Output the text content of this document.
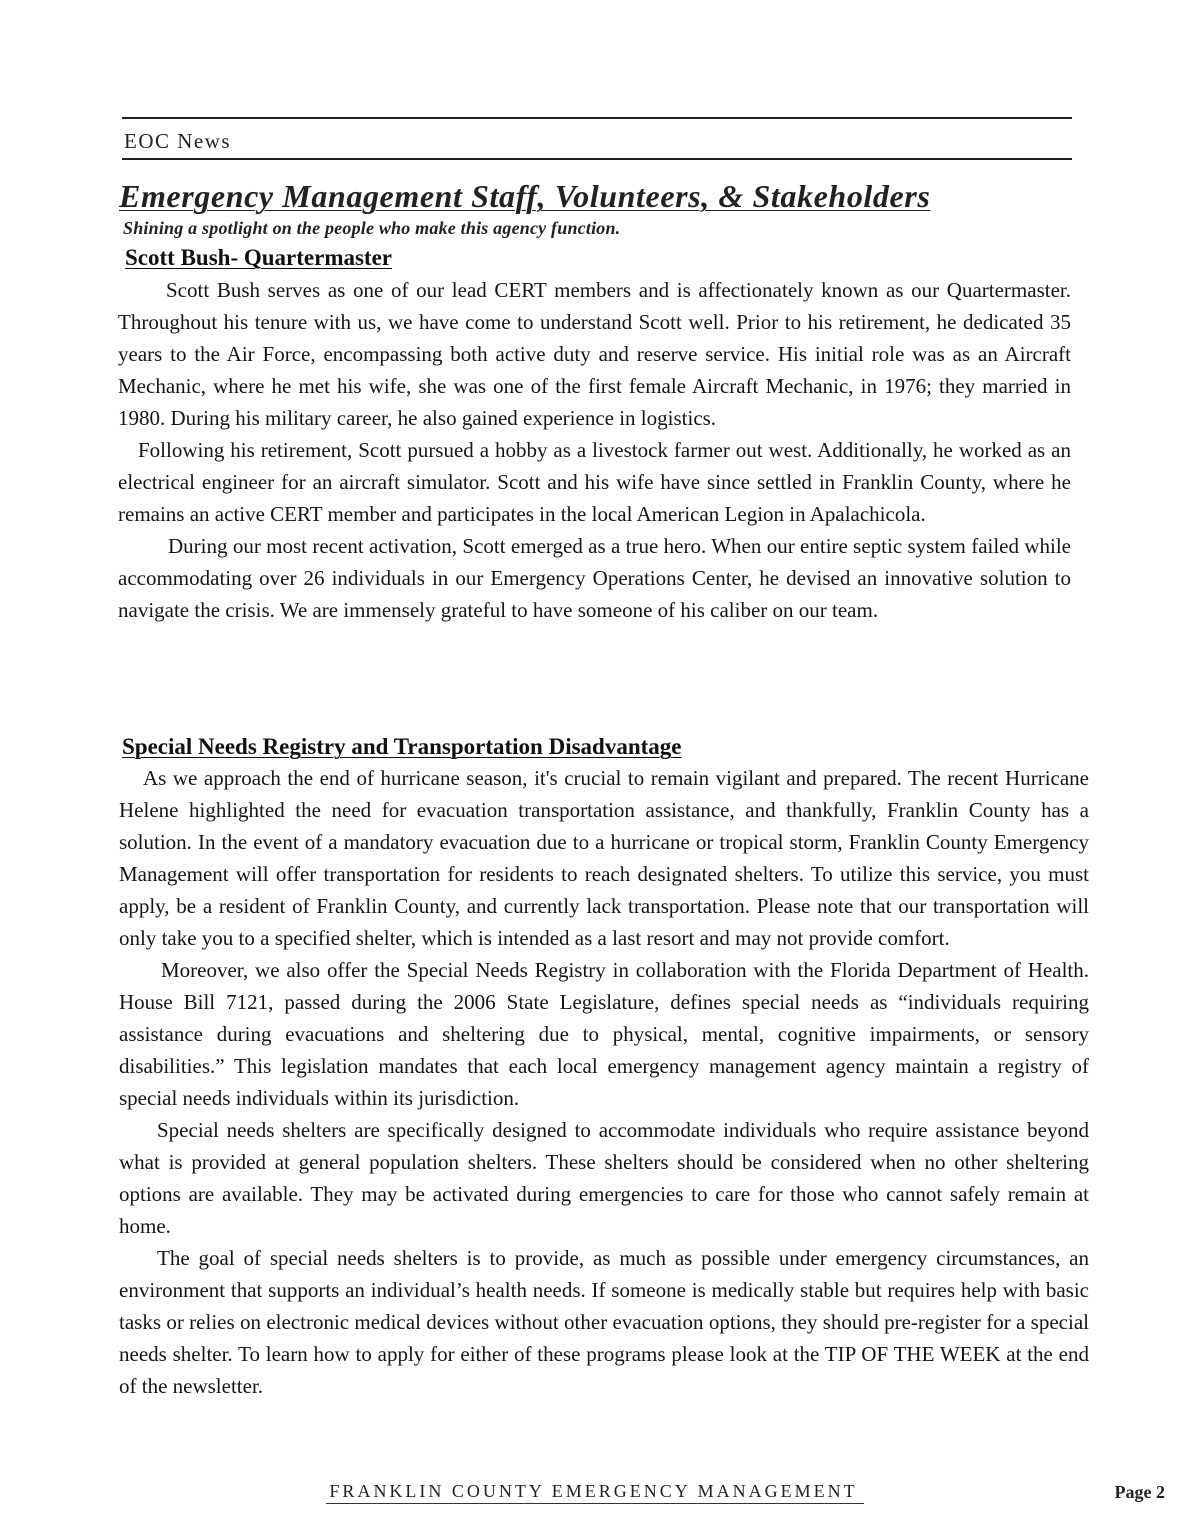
EOC News
Emergency Management Staff, Volunteers, & Stakeholders
Shining a spotlight on the people who make this agency function.
Scott Bush- Quartermaster

Scott Bush serves as one of our lead CERT members and is affectionately known as our Quartermaster. Throughout his tenure with us, we have come to understand Scott well. Prior to his retirement, he dedicated 35 years to the Air Force, encompassing both active duty and reserve service. His initial role was as an Aircraft Mechanic, where he met his wife, she was one of the first female Aircraft Mechanic, in 1976; they married in 1980. During his military career, he also gained experience in logistics.

Following his retirement, Scott pursued a hobby as a livestock farmer out west. Additionally, he worked as an electrical engineer for an aircraft simulator. Scott and his wife have since settled in Franklin County, where he remains an active CERT member and participates in the local American Legion in Apalachicola.

During our most recent activation, Scott emerged as a true hero. When our entire septic system failed while accommodating over 26 individuals in our Emergency Operations Center, he devised an innovative solution to navigate the crisis. We are immensely grateful to have someone of his caliber on our team.

Special Needs Registry and Transportation Disadvantage

As we approach the end of hurricane season, it's crucial to remain vigilant and prepared. The recent Hurricane Helene highlighted the need for evacuation transportation assistance, and thankfully, Franklin County has a solution. In the event of a mandatory evacuation due to a hurricane or tropical storm, Franklin County Emergency Management will offer transportation for residents to reach designated shelters. To utilize this service, you must apply, be a resident of Franklin County, and currently lack transportation. Please note that our transportation will only take you to a specified shelter, which is intended as a last resort and may not provide comfort.

Moreover, we also offer the Special Needs Registry in collaboration with the Florida Department of Health. House Bill 7121, passed during the 2006 State Legislature, defines special needs as “individuals requiring assistance during evacuations and sheltering due to physical, mental, cognitive impairments, or sensory disabilities.” This legislation mandates that each local emergency management agency maintain a registry of special needs individuals within its jurisdiction.

Special needs shelters are specifically designed to accommodate individuals who require assistance beyond what is provided at general population shelters. These shelters should be considered when no other sheltering options are available. They may be activated during emergencies to care for those who cannot safely remain at home.

The goal of special needs shelters is to provide, as much as possible under emergency circumstances, an environment that supports an individual’s health needs. If someone is medically stable but requires help with basic tasks or relies on electronic medical devices without other evacuation options, they should pre-register for a special needs shelter. To learn how to apply for either of these programs please look at the TIP OF THE WEEK at the end of the newsletter.

FRANKLIN COUNTY EMERGENCY MANAGEMENT	Page 2
